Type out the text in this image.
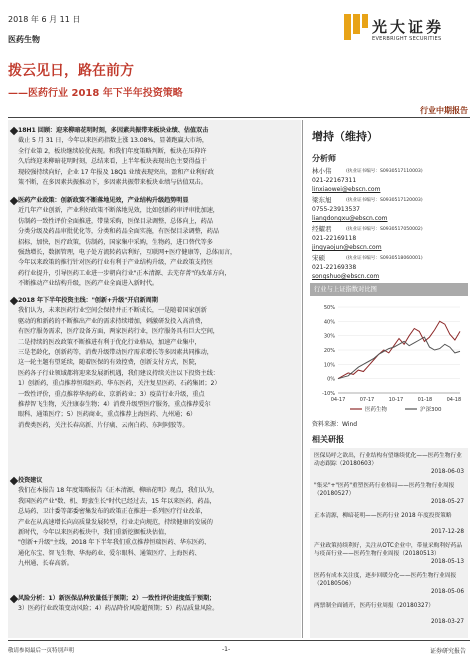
2018 年 6 月 11 日
医药生物
光大证券
EVERBRIGHT SECURITIES
拨云见日，路在前方
——医药行业 2018 年下半年投资策略
行业中期报告
18H1 回顾：迎来柳暗花明时刻，多因素共振带来板块业绩、估值双击
截止 5 月 31 日，今年以来医药指数上涨 13.08%，显著跑赢大市场，
全行业第 2，板块继续较优表现。和我们年度策略判断，板块在压抑许
久后终迎来柳暗花明时刻，总结来看，上半年板块表现出色主要得益于
现较强持续向好，企业 17 年报及 18Q1 业绩表现突出，盈和产业利好政
策不断，在多因素共振推动下，多因素共振带来板块业绩与估值双击。
医药产业政策：创新政策不断落地见效，产业结构升级趋势明显
近几年产业创新，产业利好政策不断落地见效，比如创新药审评审批加速，
仿制药一致性评价全面推进，带量采购，医保目录调整，总体向上，药品
分类分级及药品审批优化等，分类和药品全面实施，有医保目录调整，药品
招标，加快，医疗政策，仿制药，国家集中采购，生物药，进口替代等多
强劲增长，数据管理，电子处方流转药店利好，互联网+医疗健康等，总体而言，
今年以来政策的推行针对医药行业有利于产业结构升级，产业政策支持医
药行业提升，引导医药工业进一步朝向行业"正本清源、去芜存菁"的改革方向，
不断推动产业结构升级，医药产业全面进入新时代。
2018 年下半年投资主线："创新+升级"开启新周期
我们认为，未来医药行业空间会保持并正不断成长，一是随着国家创新
驱动的和新药的不断推出产业的需求持续增加，刺激研发投入高消费，
有医疗服务需求，医疗设备方面，两家医药行业，医疗服务具有巨大空间，
二是持续的医改政策不断推进有利于优化行业格局，加速产业集中，
三是老龄化，创新药等，消费升级带动医疗需求增长等多因素共同推动，
这一轮主题有望延续，随着医保的有效控费，创新支付方式，医院，
医药各子行业领域都将迎来发展新机遇，我们建议持续关注以下投资主线：
1）创新药，重点推荐恒瑞医药、华东医药，关注复星医药、石药集团；2）
一致性评价，重点推荐华海药业、京新药业；3）疫苗行业升级，重点
推荐智飞生物，关注康泰生物；4）消费升级型医疗服务，重点推荐爱尔
眼科、通策医疗；5）医药商业，重点推荐上海医药、九州通；6）
消费类医药，关注长春高新、片仔癀、云南白药、东阿阿胶等。
投资建议
我们在本报告 18 年度策略报告《正本清源，柳暗花明》观点，我们认为，
我国医药产业"数、机、野蛮生长"时代已经过去，15 年以来医药、药品，
总局药、卫计委等部委密集发布的政策正在推进一系列医疗行业改革，
产业在从高速增长向高质量发展转型，行业走向规范，持续健康的发展的
新时代，今年以来医药板块中，我们重新挖掘板块估值，
"创新+升级"主线，2018 年下半年我们重点推荐恒瑞医药、华东医药、
通化东宝、智飞生物、华海药业、爱尔眼科、通策医疗、上海医药、
九州通、长春高新。
风险分析：1）新医保品种放量低于预期；2）一致性评价进度低于预期；
3）医药行业政策变动风险；4）药品降价风险超预期；5）药品质量风险。
增持（维持）
分析师
林小伟	(执业证书编号：S0930517110003)
021-22167311
linxiaowei@ebscn.com
梁东旭	(执业证书编号：S0930517120003)
0755-23913537
liangdongxu@ebscn.com
经耀君	(执业证书编号：S0930517050002)
021-22169118
jingyaojun@ebscn.com
宋硕	(执业证书编号：S0930518060001)
021-22169338
songshuo@ebscn.com
行业与上证指数对比图
-10%
0%
10%
20%
30%
40%
50%
04-17	07-17	10-17	01-18	04-18
医药生物	沪深300
资料来源：Wind
相关研报
医保局呼之欲出，行业结构有望继续优化——医药生物行业动态跟踪（20180603）
2018-06-03
"集采"+"医药"重塑医药行业格局——医药生物行业周报（20180527）
2018-05-27
正本清源，柳暗花明——医药行业 2018 年度投资策略
2017-12-28
产业政策持续利好，关注从OTC企业中，带量采购利好药品与疫苗行业——医药生物行业周报（20180513）
2018-05-13
医药有成本关注度，逐步回暖分化——医药生物行业周报（20180506）
2018-05-06
两票制全面铺开，医药行业周报（20180327）
2018-03-27
敬请参阅最后一页特别声明	-1-	证券研究报告
